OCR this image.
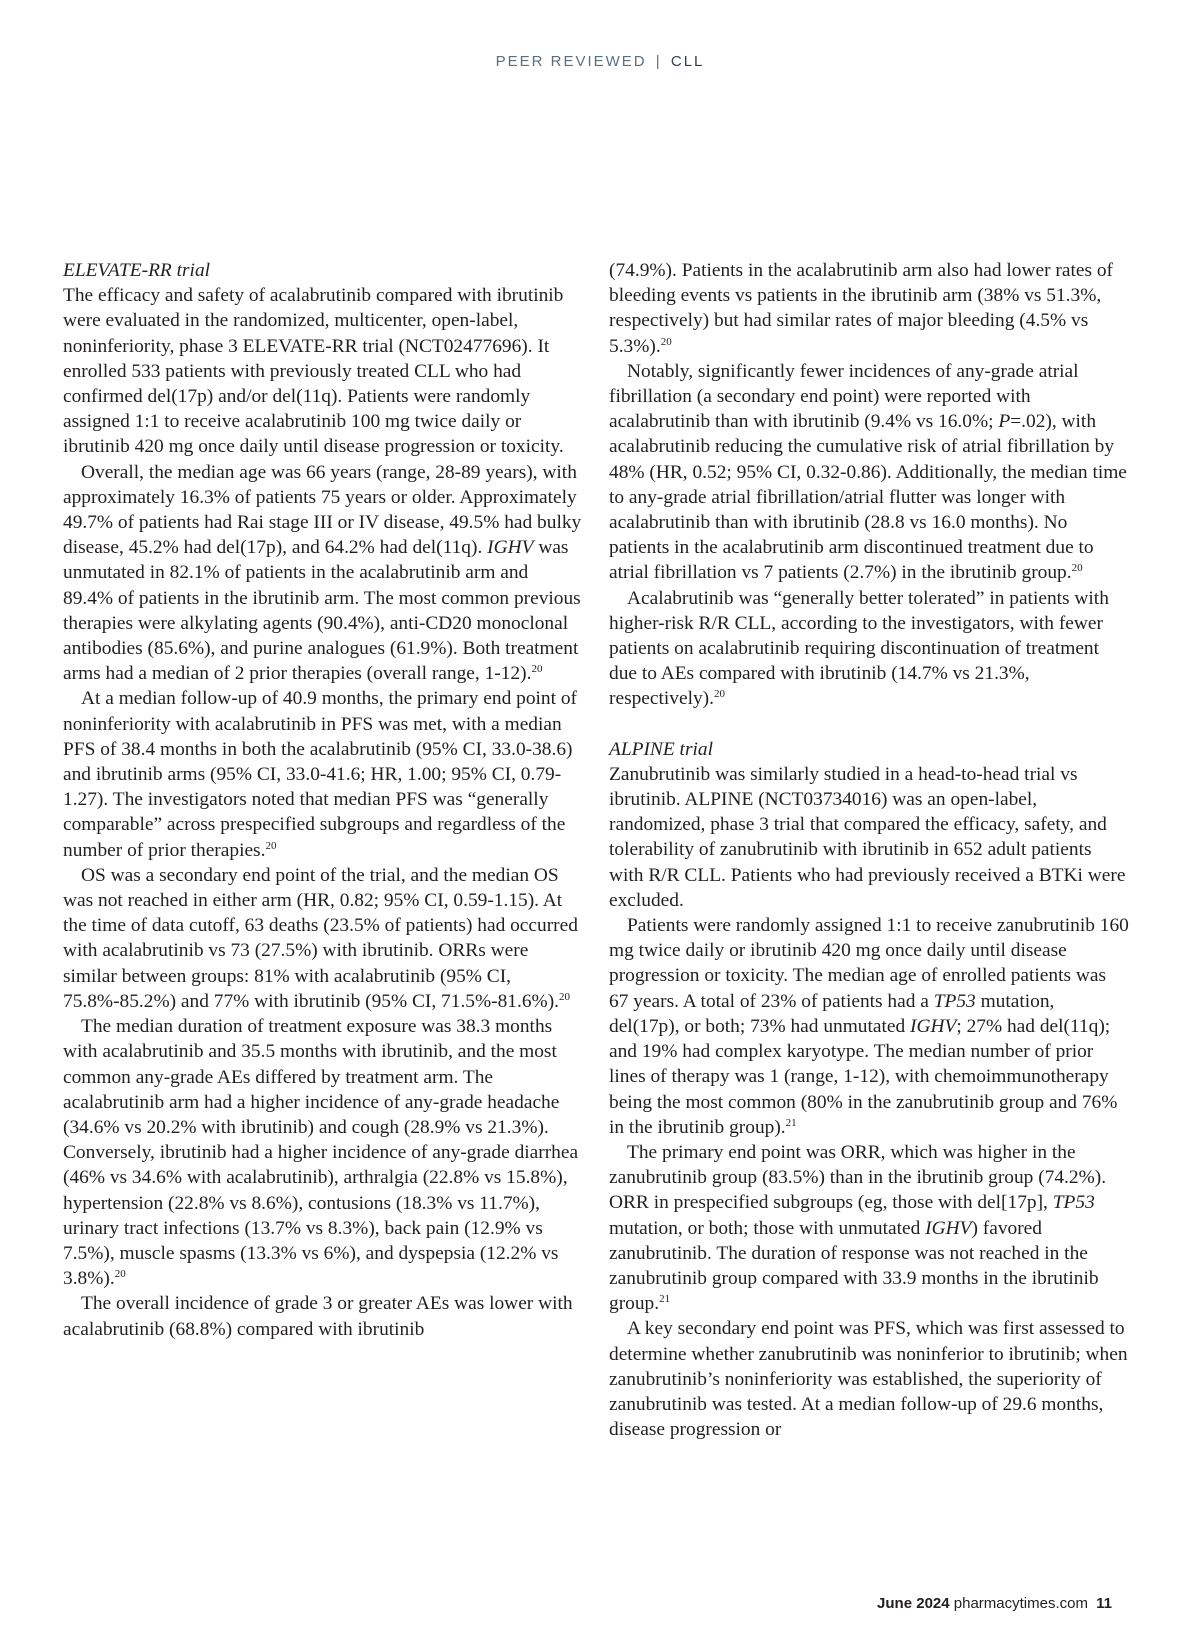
PEER REVIEWED | CLL

ELEVATE-RR trial

The efficacy and safety of acalabrutinib compared with ibrutinib were evaluated in the randomized, multicenter, open-label, noninferiority, phase 3 ELEVATE-RR trial (NCT02477696). It enrolled 533 patients with previously treated CLL who had confirmed del(17p) and/or del(11q). Patients were randomly assigned 1:1 to receive acalabrutinib 100 mg twice daily or ibrutinib 420 mg once daily until disease progression or toxicity.

Overall, the median age was 66 years (range, 28-89 years), with approximately 16.3% of patients 75 years or older. Approximately 49.7% of patients had Rai stage III or IV disease, 49.5% had bulky disease, 45.2% had del(17p), and 64.2% had del(11q). IGHV was unmutated in 82.1% of patients in the acalabrutinib arm and 89.4% of patients in the ibrutinib arm. The most common previous therapies were alkylating agents (90.4%), anti-CD20 monoclonal antibodies (85.6%), and purine analogues (61.9%). Both treatment arms had a median of 2 prior therapies (overall range, 1-12).$^{20}$

At a median follow-up of 40.9 months, the primary end point of noninferiority with acalabrutinib in PFS was met, with a median PFS of 38.4 months in both the acalabrutinib (95% CI, 33.0-38.6) and ibrutinib arms (95% CI, 33.0-41.6; HR, 1.00; 95% CI, 0.79-1.27). The investigators noted that median PFS was “generally comparable” across prespecified subgroups and regardless of the number of prior therapies.$^{20}$

OS was a secondary end point of the trial, and the median OS was not reached in either arm (HR, 0.82; 95% CI, 0.59-1.15). At the time of data cutoff, 63 deaths (23.5% of patients) had occurred with acalabrutinib vs 73 (27.5%) with ibrutinib. ORRs were similar between groups: 81% with acalabrutinib (95% CI, 75.8%-85.2%) and 77% with ibrutinib (95% CI, 71.5%-81.6%).$^{20}$

The median duration of treatment exposure was 38.3 months with acalabrutinib and 35.5 months with ibrutinib, and the most common any-grade AEs differed by treatment arm. The acalabrutinib arm had a higher incidence of any-grade headache (34.6% vs 20.2% with ibrutinib) and cough (28.9% vs 21.3%). Conversely, ibrutinib had a higher incidence of any-grade diarrhea (46% vs 34.6% with acalabrutinib), arthralgia (22.8% vs 15.8%), hypertension (22.8% vs 8.6%), contusions (18.3% vs 11.7%), urinary tract infections (13.7% vs 8.3%), back pain (12.9% vs 7.5%), muscle spasms (13.3% vs 6%), and dyspepsia (12.2% vs 3.8%).$^{20}$

The overall incidence of grade 3 or greater AEs was lower with acalabrutinib (68.8%) compared with ibrutinib

(74.9%). Patients in the acalabrutinib arm also had lower rates of bleeding events vs patients in the ibrutinib arm (38% vs 51.3%, respectively) but had similar rates of major bleeding (4.5% vs 5.3%).$^{20}$

Notably, significantly fewer incidences of any-grade atrial fibrillation (a secondary end point) were reported with acalabrutinib than with ibrutinib (9.4% vs 16.0%; P=.02), with acalabrutinib reducing the cumulative risk of atrial fibrillation by 48% (HR, 0.52; 95% CI, 0.32-0.86). Additionally, the median time to any-grade atrial fibrillation/atrial flutter was longer with acalabrutinib than with ibrutinib (28.8 vs 16.0 months). No patients in the acalabrutinib arm discontinued treatment due to atrial fibrillation vs 7 patients (2.7%) in the ibrutinib group.$^{20}$

Acalabrutinib was “generally better tolerated” in patients with higher-risk R/R CLL, according to the investigators, with fewer patients on acalabrutinib requiring discontinuation of treatment due to AEs compared with ibrutinib (14.7% vs 21.3%, respectively).$^{20}$

ALPINE trial

Zanubrutinib was similarly studied in a head-to-head trial vs ibrutinib. ALPINE (NCT03734016) was an open-label, randomized, phase 3 trial that compared the efficacy, safety, and tolerability of zanubrutinib with ibrutinib in 652 adult patients with R/R CLL. Patients who had previously received a BTKi were excluded.

Patients were randomly assigned 1:1 to receive zanubrutinib 160 mg twice daily or ibrutinib 420 mg once daily until disease progression or toxicity. The median age of enrolled patients was 67 years. A total of 23% of patients had a TP53 mutation, del(17p), or both; 73% had unmutated IGHV; 27% had del(11q); and 19% had complex karyotype. The median number of prior lines of therapy was 1 (range, 1-12), with chemoimmunotherapy being the most common (80% in the zanubrutinib group and 76% in the ibrutinib group).$^{21}$

The primary end point was ORR, which was higher in the zanubrutinib group (83.5%) than in the ibrutinib group (74.2%). ORR in prespecified subgroups (eg, those with del[17p], TP53 mutation, or both; those with unmutated IGHV) favored zanubrutinib. The duration of response was not reached in the zanubrutinib group compared with 33.9 months in the ibrutinib group.$^{21}$

A key secondary end point was PFS, which was first assessed to determine whether zanubrutinib was noninferior to ibrutinib; when zanubrutinib’s noninferiority was established, the superiority of zanubrutinib was tested. At a median follow-up of 29.6 months, disease progression or

June 2024 pharmacytimes.com 11
